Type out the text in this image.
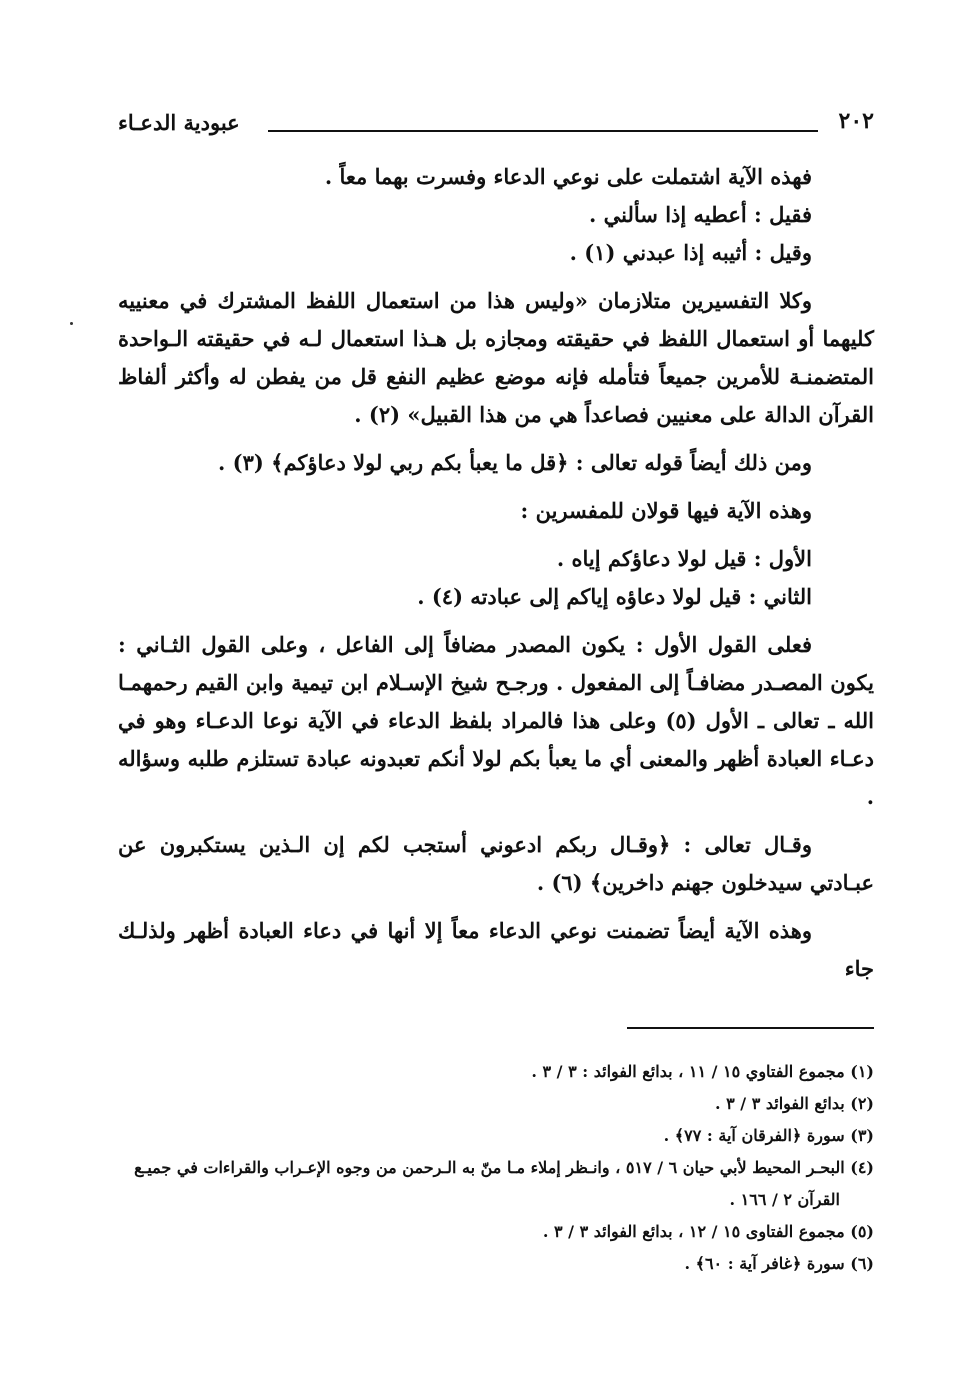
٢٠٢
عبودية الدعـاء

فهذه الآية اشتملت على نوعي الدعاء وفسرت بهما معاً .

فقيل : أعطيه إذا سألني .

وقيل : أثيبه إذا عبدني (١) .

وكلا التفسيرين متلازمان «وليس هذا من استعمال اللفظ المشترك في معنييه كليهما أو استعمال اللفظ في حقيقته ومجازه بل هـذا استعمال لـه في حقيقته الـواحدة المتضمنـة للأمرين جميعاً فتأمله فإنه موضع عظيم النفع قل من يفطن له وأكثر ألفاظ القرآن الدالة على معنيين فصاعداً هي من هذا القبيل» (٢) .

ومن ذلك أيضاً قوله تعالى : ﴿قل ما يعبأ بكم ربي لولا دعاؤكم﴾ (٣) .

وهذه الآية فيها قولان للمفسرين :

الأول : قيل لولا دعاؤكم إياه .

الثاني : قيل لولا دعاؤه إياكم إلى عبادته (٤) .

فعلى القول الأول : يكون المصدر مضافاً إلى الفاعل ، وعلى القول الثـاني : يكون المصـدر مضافـاً إلى المفعول . ورجـح شيخ الإسـلام ابن تيمية وابن القيم رحمهمـا الله ـ تعالى ـ الأول (٥) وعلى هذا فالمراد بلفظ الدعاء في الآية نوعا الدعـاء وهو في دعـاء العبادة أظهر والمعنى أي ما يعبأ بكم لولا أنكم تعبدونه عبادة تستلزم طلبه وسؤاله .

وقـال تعالى : ﴿وقـال ربكم ادعوني أستجب لكم إن الـذين يستكبرون عن عبـادتي سيدخلون جهنم داخرين﴾ (٦) .

وهذه الآية أيضاً تضمنت نوعي الدعاء معاً إلا أنها في دعاء العبادة أظهر ولذلـك جاء

(١) مجموع الفتاوي ١٥ / ١١ ، بدائع الفوائد : ٣ / ٣ .

(٢) بدائع الفوائد ٣ / ٣ .

(٣) سورة ﴿الفرقان آية : ٧٧﴾ .

(٤) البحـر المحيط لأبي حيان ٦ / ٥١٧ ، وانـظر إملاء مـا منّ به الـرحمن من وجوه الإعـراب والقراءات في جميـع

القرآن ٢ / ١٦٦ .

(٥) مجموع الفتاوى ١٥ / ١٢ ، بدائع الفوائد ٣ / ٣ .

(٦) سورة ﴿غافر آية : ٦٠﴾ .
